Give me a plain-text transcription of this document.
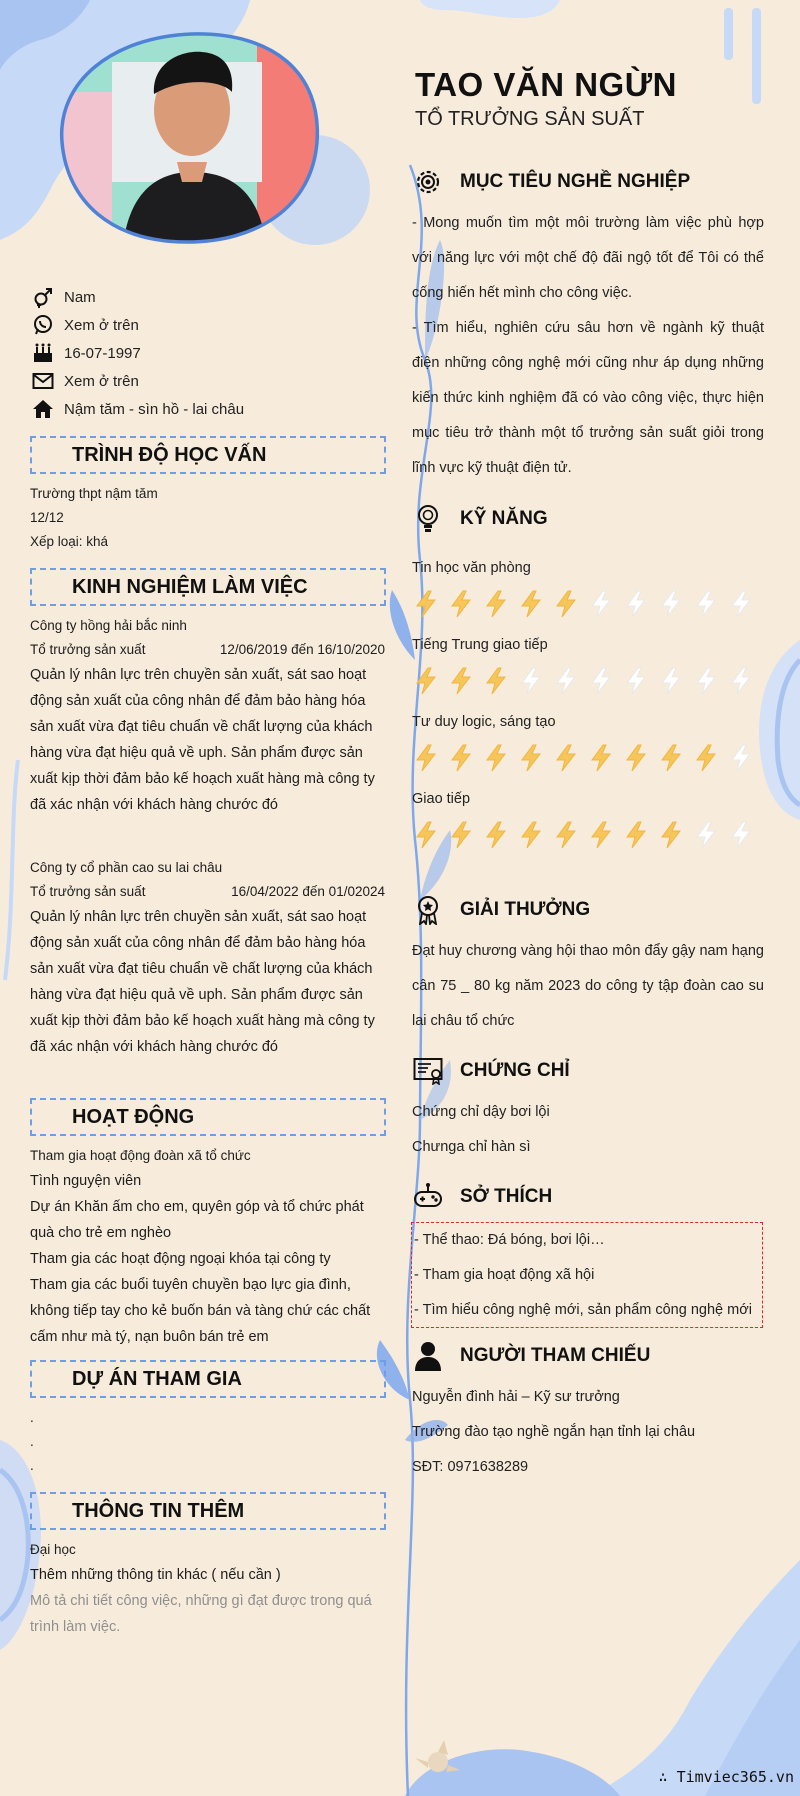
TAO VĂN NGỪN
TỔ TRƯỞNG SẢN SUẤT
Nam
Xem ở trên
16-07-1997
Xem ở trên
Nậm tăm - sìn hồ - lai châu
TRÌNH ĐỘ HỌC VẤN

Trường thpt nậm tăm

12/12

Xếp loại: khá

KINH NGHIỆM LÀM VIỆC

Công ty hồng hải bắc ninh

Tổ trưởng sản xuất	12/06/2019 đến 16/10/2020

Quản lý nhân lực trên chuyền sản xuất, sát sao hoạt động sản xuất của công nhân để đảm bảo hàng hóa sản xuất vừa đạt tiêu chuẩn về chất lượng của khách hàng vừa đạt hiệu quả về uph. Sản phẩm được sản xuất kịp thời đảm bảo kế hoạch xuất hàng mà công ty đã xác nhận với khách hàng chước đó

Công ty cổ phần cao su lai châu

Tổ trưởng sản suất	16/04/2022 đến 01/02024

Quản lý nhân lực trên chuyền sản xuất, sát sao hoạt động sản xuất của công nhân để đảm bảo hàng hóa sản xuất vừa đạt tiêu chuẩn về chất lượng của khách hàng vừa đạt hiệu quả về uph. Sản phẩm được sản xuất kịp thời đảm bảo kế hoạch xuất hàng mà công ty đã xác nhận với khách hàng chước đó

HOẠT ĐỘNG

Tham gia hoạt động đoàn xã tổ chức

Tình nguyện viên

Dự án Khăn ấm cho em, quyên góp và tổ chức phát quà cho trẻ em nghèo

Tham gia các hoạt động ngoại khóa tại công ty

Tham gia các buổi tuyên chuyền bạo lực gia đình, không tiếp tay cho kẻ buốn bán và tàng chứ các chất cấm như mà tý, nạn buôn bán trẻ em

DỰ ÁN THAM GIA

.

.

.

THÔNG TIN THÊM

Đại học

Thêm những thông tin khác ( nếu cần )

Mô tả chi tiết công việc, những gì đạt được trong quá trình làm việc.

MỤC TIÊU NGHỀ NGHIỆP

- Mong muốn tìm một môi trường làm việc phù hợp với năng lực với một chế độ đãi ngộ tốt để Tôi có thể cống hiến hết mình cho công việc.

- Tìm hiểu, nghiên cứu sâu hơn về ngành kỹ thuật điện những công nghệ mới cũng như áp dụng những kiến thức kinh nghiệm đã có vào công việc, thực hiện mục tiêu trở thành một tổ trưởng sản suất giỏi trong lĩnh vực kỹ thuật điện tử.

KỸ NĂNG
Tin học văn phòng
Tiếng Trung giao tiếp
Tư duy logic, sáng tạo
Giao tiếp
GIẢI THƯỞNG
Đạt huy chương vàng hội thao môn đẩy gậy nam hạng cân 75 _ 80 kg năm 2023 do công ty tập đoàn cao su lai châu tổ chức
CHỨNG CHỈ

Chứng chỉ dậy bơi lội

Chưnga chỉ hàn sì

SỞ THÍCH

- Thể thao: Đá bóng, bơi lội…

- Tham gia hoạt động xã hội

- Tìm hiểu công nghệ mới, sản phẩm công nghệ mới

NGƯỜI THAM CHIẾU

Nguyễn đình hải – Kỹ sư trưởng

Trường đào tạo nghề ngắn hạn tỉnh lại châu

SĐT: 0971638289

∴ Timviec365.vn
